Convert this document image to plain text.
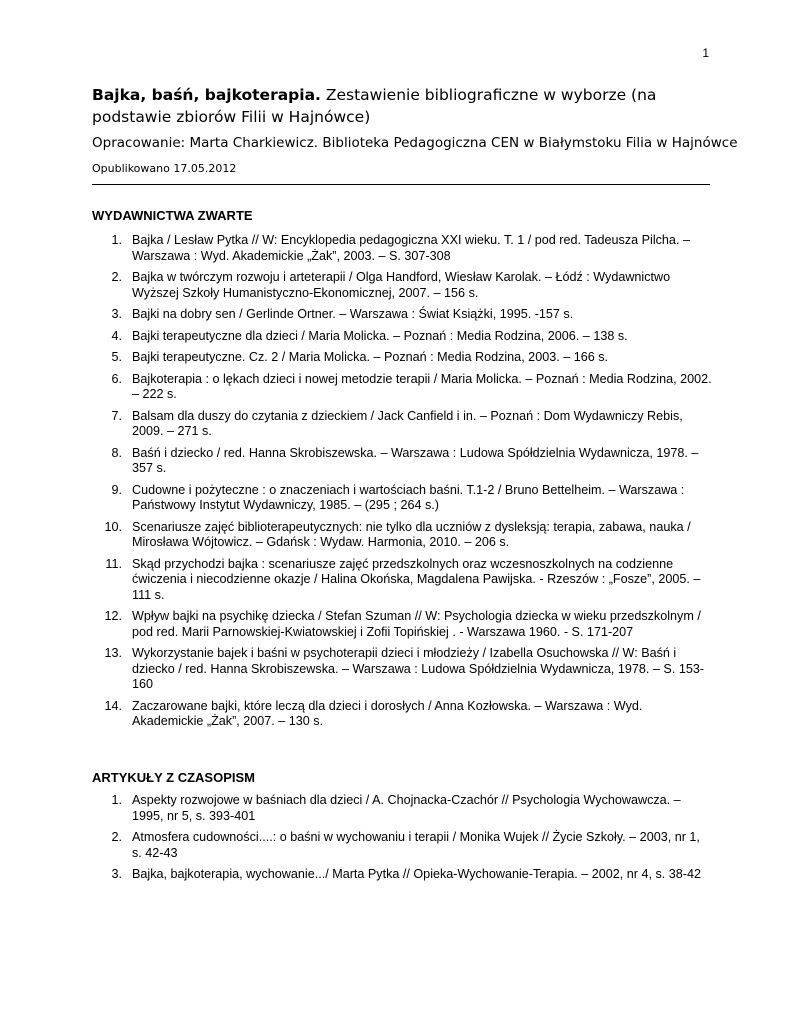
1
Bajka, baśń, bajkoterapia. Zestawienie bibliograficzne w wyborze (na podstawie zbiorów Filii w Hajnówce)
Opracowanie: Marta Charkiewicz. Biblioteka Pedagogiczna CEN w Białymstoku Filia w Hajnówce
Opublikowano 17.05.2012
WYDAWNICTWA ZWARTE
1. Bajka / Lesław Pytka // W: Encyklopedia pedagogiczna XXI wieku. T. 1 / pod red. Tadeusza Pilcha. – Warszawa : Wyd. Akademickie „Żak”, 2003. – S. 307-308
2. Bajka w twórczym rozwoju i arteterapii / Olga Handford, Wiesław Karolak. – Łódź : Wydawnictwo Wyższej Szkoły Humanistyczno-Ekonomicznej, 2007. – 156 s.
3. Bajki na dobry sen / Gerlinde Ortner. – Warszawa : Świat Książki, 1995. -157 s.
4. Bajki terapeutyczne dla dzieci / Maria Molicka. – Poznań : Media Rodzina, 2006. – 138 s.
5. Bajki terapeutyczne. Cz. 2 / Maria Molicka. – Poznań : Media Rodzina, 2003. – 166 s.
6. Bajkoterapia : o lękach dzieci i nowej metodzie terapii / Maria Molicka. – Poznań : Media Rodzina, 2002. – 222 s.
7. Balsam dla duszy do czytania z dzieckiem / Jack Canfield i in. – Poznań : Dom Wydawniczy Rebis, 2009. – 271 s.
8. Baśń i dziecko / red. Hanna Skrobiszewska. – Warszawa : Ludowa Spółdzielnia Wydawnicza, 1978. – 357 s.
9. Cudowne i pożyteczne : o znaczeniach i wartościach baśni. T.1-2 / Bruno Bettelheim. – Warszawa : Państwowy Instytut Wydawniczy, 1985. – (295 ; 264 s.)
10. Scenariusze zajęć biblioterapeutycznych: nie tylko dla uczniów z dysleksją: terapia, zabawa, nauka / Mirosława Wójtowicz. – Gdańsk : Wydaw. Harmonia, 2010. – 206 s.
11. Skąd przychodzi bajka : scenariusze zajęć przedszkolnych oraz wczesnoszkolnych na codzienne ćwiczenia i niecodzienne okazje / Halina Okońska, Magdalena Pawijska. - Rzeszów : „Fosze”, 2005. – 111 s.
12. Wpływ bajki na psychikę dziecka / Stefan Szuman // W: Psychologia dziecka w wieku przedszkolnym / pod red. Marii Parnowskiej-Kwiatowskiej i Zofii Topińskiej . - Warszawa 1960. - S. 171-207
13. Wykorzystanie bajek i baśni w psychoterapii dzieci i młodzieży / Izabella Osuchowska // W: Baśń i dziecko / red. Hanna Skrobiszewska. – Warszawa : Ludowa Spółdzielnia Wydawnicza, 1978. – S. 153-160
14. Zaczarowane bajki, które leczą dla dzieci i dorosłych / Anna Kozłowska. – Warszawa : Wyd. Akademickie „Żak”, 2007. – 130 s.
ARTYKUŁY Z CZASOPISM
1. Aspekty rozwojowe w baśniach dla dzieci / A. Chojnacka-Czachór // Psychologia Wychowawcza. – 1995, nr 5, s. 393-401
2. Atmosfera cudowności....: o baśni w wychowaniu i terapii / Monika Wujek // Życie Szkoły. – 2003, nr 1, s. 42-43
3. Bajka, bajkoterapia, wychowanie.../ Marta Pytka // Opieka-Wychowanie-Terapia. – 2002, nr 4, s. 38-42
